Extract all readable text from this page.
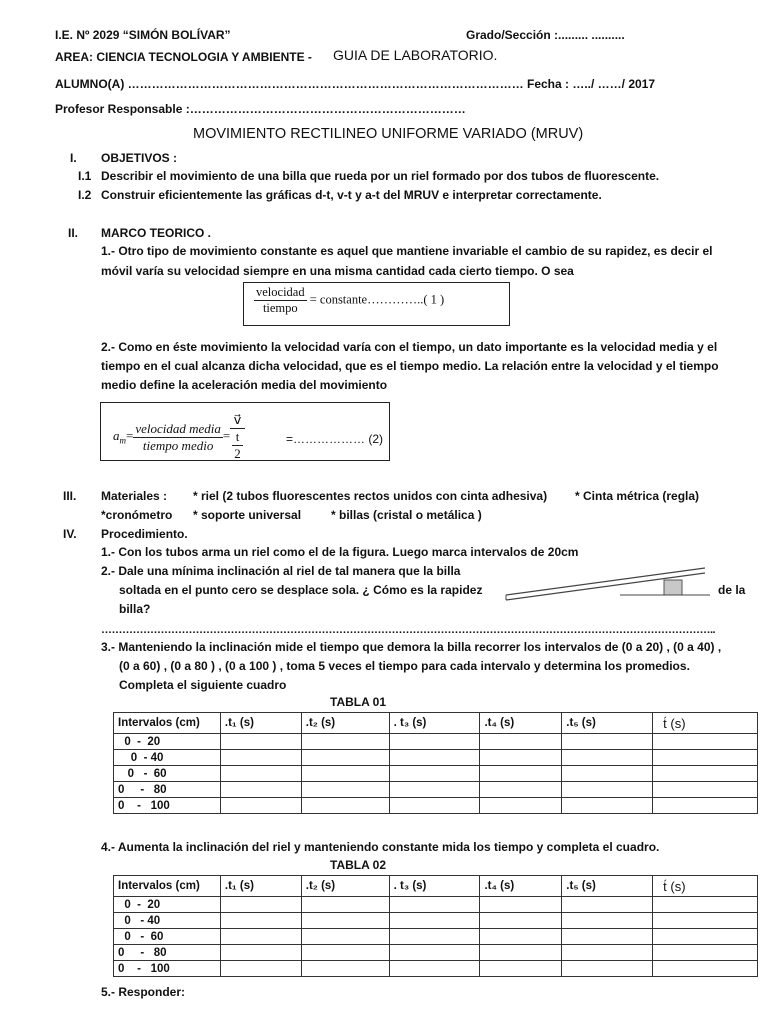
I.E. Nº 2029 “SIMÓN BOLÍVAR”	Grado/Sección :......... ..........
AREA: CIENCIA TECNOLOGIA Y AMBIENTE - GUIA DE LABORATORIO.
ALUMNO(A) ……………………………………………………………………………………… Fecha : …../ ……/ 2017
Profesor Responsable :……………………………………………………………
MOVIMIENTO RECTILINEO UNIFORME VARIADO (MRUV)
I. OBJETIVOS :
I.1 Describir el movimiento de una billa que rueda por un riel formado por dos tubos de fluorescente.
I.2 Construir eficientemente las gráficas d-t, v-t y a-t del MRUV e interpretar correctamente.
II. MARCO TEORICO .
1.- Otro tipo de movimiento constante es aquel que mantiene invariable el cambio de su rapidez, es decir el
móvil varía su velocidad siempre en una misma cantidad cada cierto tiempo. O sea
$\frac{\text{velocidad}}{\text{tiempo}}$ = constante…………..( 1 )
2.- Como en éste movimiento la velocidad varía con el tiempo, un dato importante es la velocidad media y el
tiempo en el cual alcanza dicha velocidad, que es el tiempo medio. La relación entre la velocidad y el tiempo
medio define la aceleración media del movimiento
$a_m= \frac{\text{velocidad media}}{\text{tiempo medio}} = \frac{v⃗}{\frac{t}{2}}$	=……………… (2)
III. Materiales : * riel (2 tubos fluorescentes rectos unidos con cinta adhesiva) * Cinta métrica (regla)
*cronómetro * soporte universal * billas (cristal o metálica )
IV. Procedimiento.
1.- Con los tubos arma un riel como el de la figura. Luego marca intervalos de 20cm
2.- Dale una mínima inclinación al riel de tal manera que la billa
soltada en el punto cero se desplace sola. ¿ Cómo es la rapidez	de la
billa?
…………………………………………………………………………………………………………………………………………………………..
3.- Manteniendo la inclinación mide el tiempo que demora la billa recorrer los intervalos de (0 a 20) , (0 a 40) ,
(0 a 60) , (0 a 80 ) , (0 a 100 ) , toma 5 veces el tiempo para cada intervalo y determina los promedios.
Completa el siguiente cuadro
TABLA 01
Intervalos (cm)	.t₁ (s)	.t₂ (s)	. t₃ (s)	.t₄ (s)	.t₅ (s)	t́ (s)
0  -  20						
0  - 40						
0   -  60						
0     -   80						
0    -   100						
4.- Aumenta la inclinación del riel y manteniendo constante mida los tiempo y completa el cuadro.
TABLA 02
Intervalos (cm)	.t₁ (s)	.t₂ (s)	. t₃ (s)	.t₄ (s)	.t₅ (s)	t́ (s)
0  -  20						
0   - 40						
0   -  60						
0     -   80						
0    -   100						
5.- Responder:
